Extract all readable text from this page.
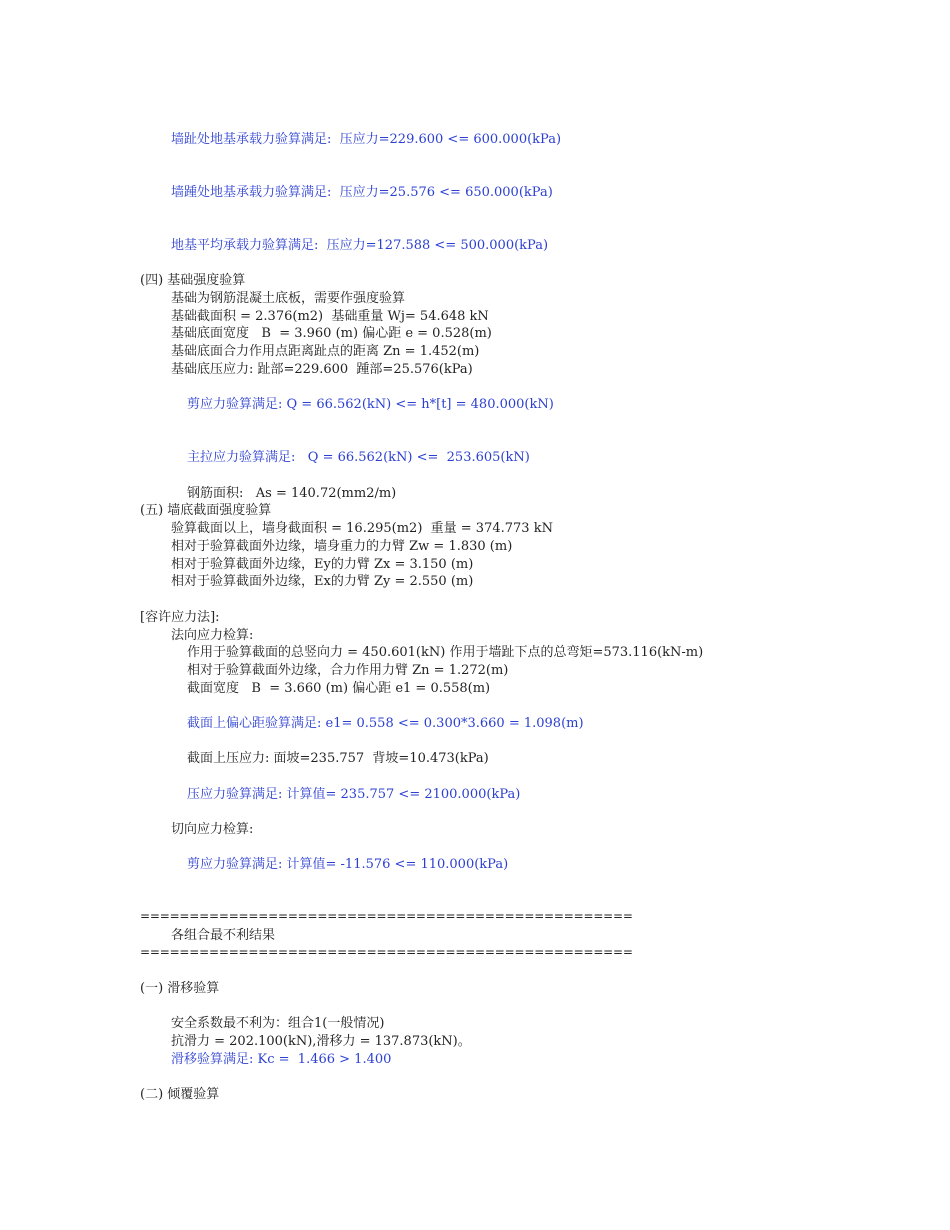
墙趾处地基承载力验算满足:  压应力=229.600 <= 600.000(kPa)

墙踵处地基承载力验算满足:  压应力=25.576 <= 650.000(kPa)

地基平均承载力验算满足:  压应力=127.588 <= 500.000(kPa)

(四) 基础强度验算

基础为钢筋混凝土底板，需要作强度验算

基础截面积 = 2.376(m2)  基础重量 Wj= 54.648 kN

基础底面宽度   B  = 3.960 (m) 偏心距 e = 0.528(m)

基础底面合力作用点距离趾点的距离 Zn = 1.452(m)

基础底压应力: 趾部=229.600  踵部=25.576(kPa)

剪应力验算满足: Q = 66.562(kN) <= h*[t] = 480.000(kN)

主拉应力验算满足:   Q = 66.562(kN) <=  253.605(kN)

钢筋面积:   As = 140.72(mm2/m)

(五) 墙底截面强度验算

验算截面以上，墙身截面积 = 16.295(m2)  重量 = 374.773 kN

相对于验算截面外边缘，墙身重力的力臂 Zw = 1.830 (m)

相对于验算截面外边缘，Ey的力臂 Zx = 3.150 (m)

相对于验算截面外边缘，Ex的力臂 Zy = 2.550 (m)

[容许应力法]:

法向应力检算:

作用于验算截面的总竖向力 = 450.601(kN) 作用于墙趾下点的总弯矩=573.116(kN-m)

相对于验算截面外边缘，合力作用力臂 Zn = 1.272(m)

截面宽度   B  = 3.660 (m) 偏心距 e1 = 0.558(m)

截面上偏心距验算满足: e1= 0.558 <= 0.300*3.660 = 1.098(m)

截面上压应力: 面坡=235.757  背坡=10.473(kPa)

压应力验算满足: 计算值= 235.757 <= 2100.000(kPa)

切向应力检算:

剪应力验算满足: 计算值= -11.576 <= 110.000(kPa)

==================================================

各组合最不利结果

==================================================

(一) 滑移验算

安全系数最不利为：组合1(一般情况)

抗滑力 = 202.100(kN),滑移力 = 137.873(kN)。

滑移验算满足: Kc =  1.466 > 1.400

(二) 倾覆验算
